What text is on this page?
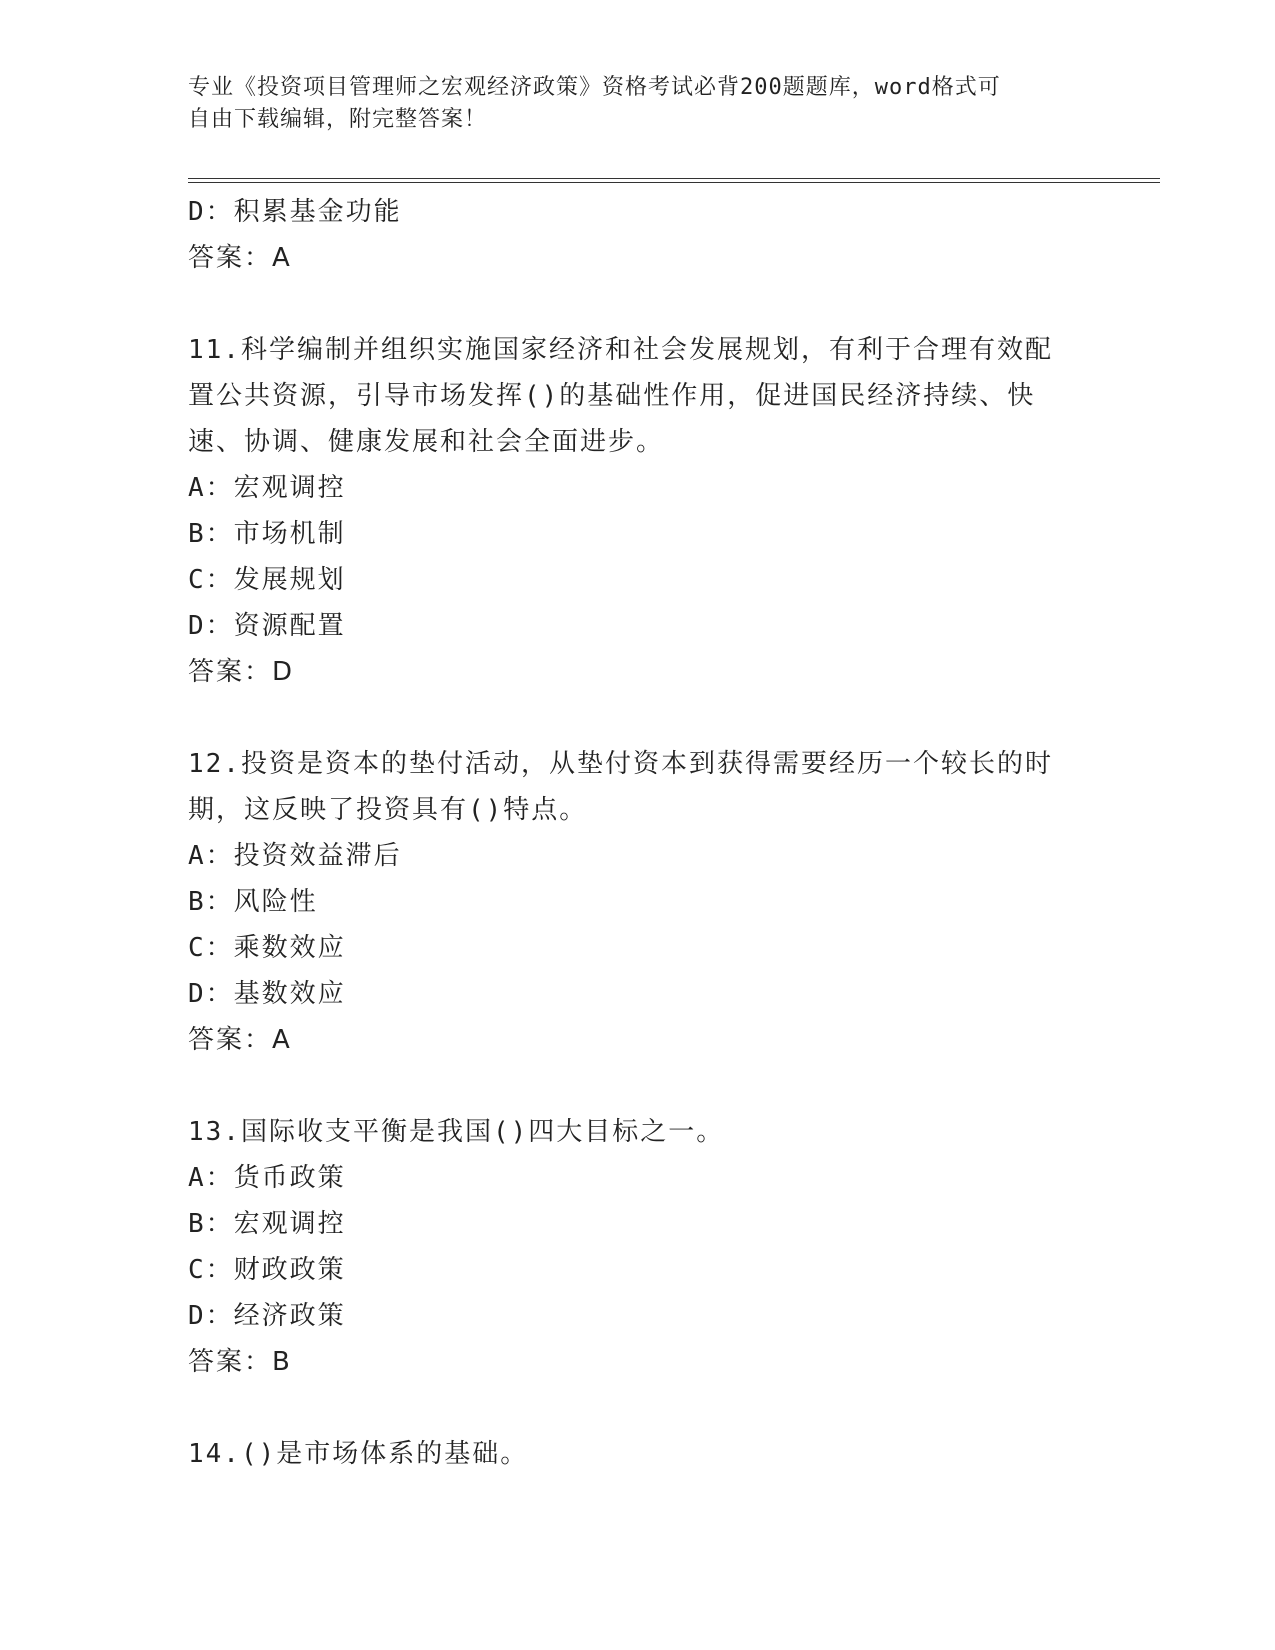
专业《投资项目管理师之宏观经济政策》资格考试必背200题题库，word格式可
自由下载编辑，附完整答案！
D：积累基金功能
答案：A
11.科学编制并组织实施国家经济和社会发展规划，有利于合理有效配
置公共资源，引导市场发挥()的基础性作用，促进国民经济持续、快
速、协调、健康发展和社会全面进步。
A：宏观调控
B：市场机制
C：发展规划
D：资源配置
答案：D
12.投资是资本的垫付活动，从垫付资本到获得需要经历一个较长的时
期，这反映了投资具有()特点。
A：投资效益滞后
B：风险性
C：乘数效应
D：基数效应
答案：A
13.国际收支平衡是我国()四大目标之一。
A：货币政策
B：宏观调控
C：财政政策
D：经济政策
答案：B
14.()是市场体系的基础。
